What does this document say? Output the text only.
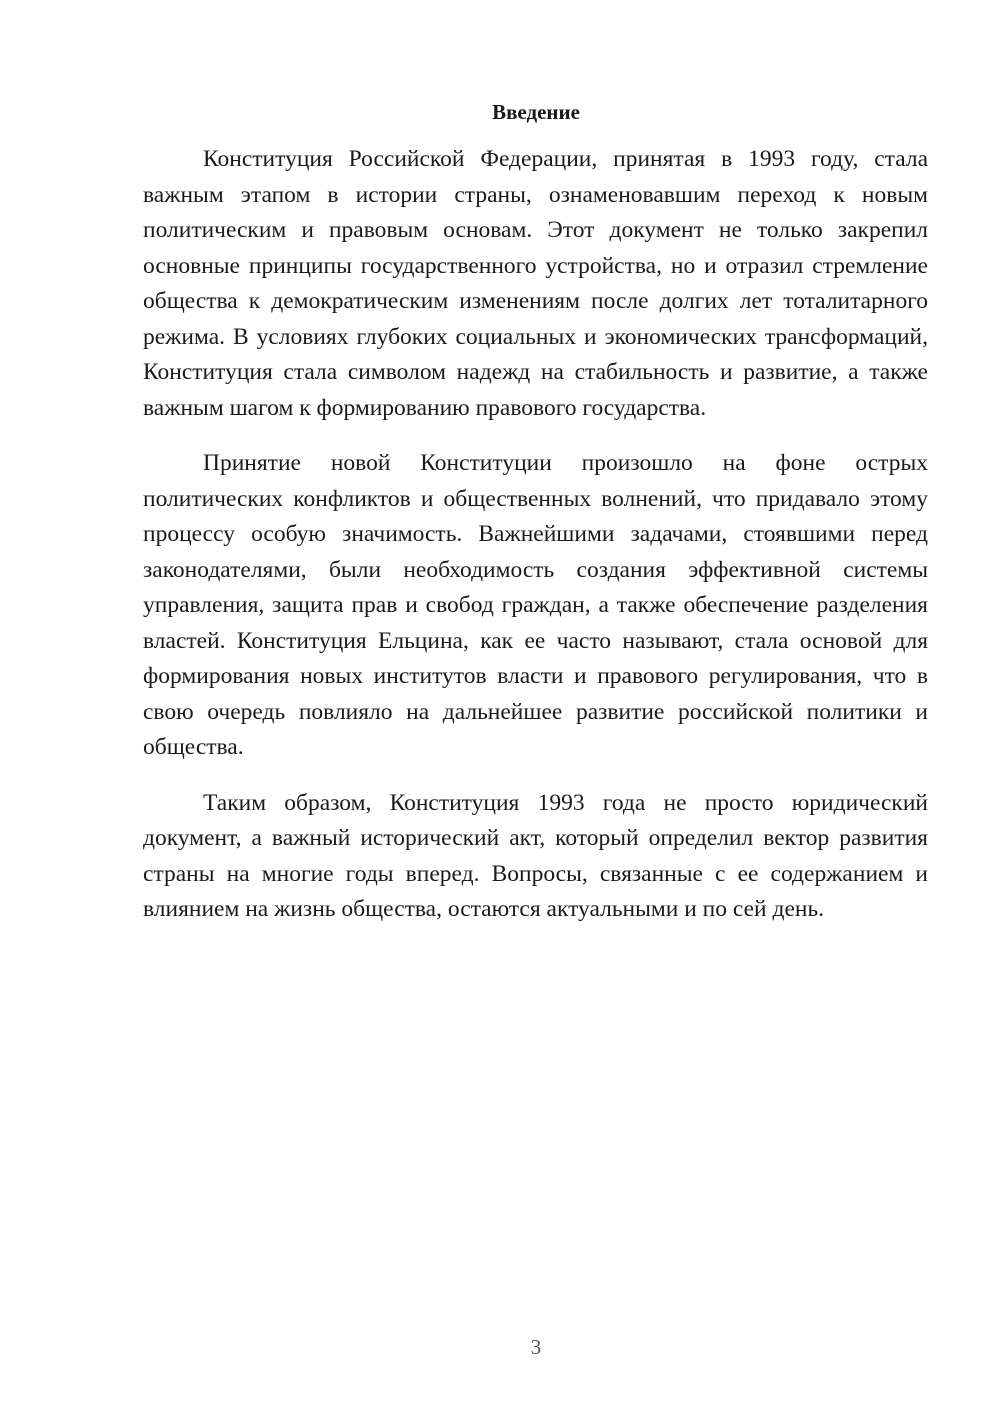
Введение

Конституция Российской Федерации, принятая в 1993 году, стала важным этапом в истории страны, ознаменовавшим переход к новым политическим и правовым основам. Этот документ не только закрепил основные принципы государственного устройства, но и отразил стремление общества к демократическим изменениям после долгих лет тоталитарного режима. В условиях глубоких социальных и экономических трансформаций, Конституция стала символом надежд на стабильность и развитие, а также важным шагом к формированию правового государства.

Принятие новой Конституции произошло на фоне острых политических конфликтов и общественных волнений, что придавало этому процессу особую значимость. Важнейшими задачами, стоявшими перед законодателями, были необходимость создания эффективной системы управления, защита прав и свобод граждан, а также обеспечение разделения властей. Конституция Ельцина, как ее часто называют, стала основой для формирования новых институтов власти и правового регулирования, что в свою очередь повлияло на дальнейшее развитие российской политики и общества.

Таким образом, Конституция 1993 года не просто юридический документ, а важный исторический акт, который определил вектор развития страны на многие годы вперед. Вопросы, связанные с ее содержанием и влиянием на жизнь общества, остаются актуальными и по сей день.

3
